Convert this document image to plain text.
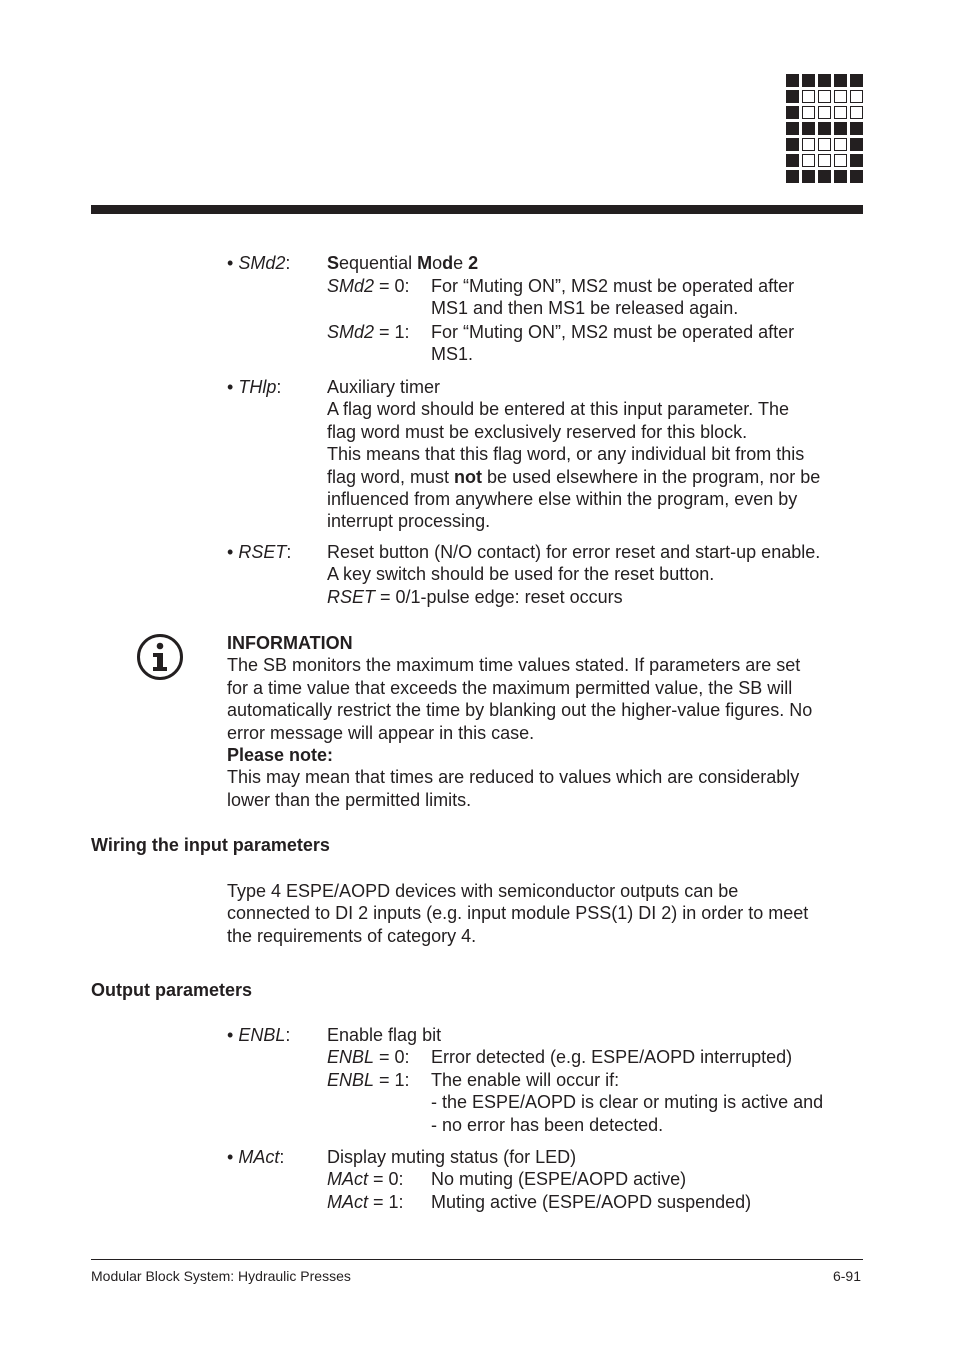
• SMd2: Sequential Mode 2
SMd2 = 0: For “Muting ON”, MS2 must be operated after
MS1 and then MS1 be released again.
SMd2 = 1: For “Muting ON”, MS2 must be operated after
MS1.
• THlp:	Auxiliary timer
A flag word should be entered at this input parameter. The
flag word must be exclusively reserved for this block.
This means that this flag word, or any individual bit from this
flag word, must not be used elsewhere in the program, nor be
influenced from anywhere else within the program, even by
interrupt processing.
• RSET: Reset button (N/O contact) for error reset and start-up enable.
A key switch should be used for the reset button.
RSET = 0/1-pulse edge: reset occurs
INFORMATION
The SB monitors the maximum time values stated. If parameters are set
for a time value that exceeds the maximum permitted value, the SB will
automatically restrict the time by blanking out the higher-value figures. No
error message will appear in this case.
Please note:
This may mean that times are reduced to values which are considerably
lower than the permitted limits.
Wiring the input parameters
Type 4 ESPE/AOPD devices with semiconductor outputs can be
connected to DI 2 inputs (e.g. input module PSS(1) DI 2) in order to meet
the requirements of category 4.
Output parameters
• ENBL: Enable flag bit
ENBL = 0: Error detected (e.g. ESPE/AOPD interrupted)
ENBL = 1: The enable will occur if:
- the ESPE/AOPD is clear or muting is active and
- no error has been detected.
• MAct: Display muting status (for LED)
MAct = 0: No muting (ESPE/AOPD active)
MAct = 1: Muting active (ESPE/AOPD suspended)
Modular Block System: Hydraulic Presses	6-91
